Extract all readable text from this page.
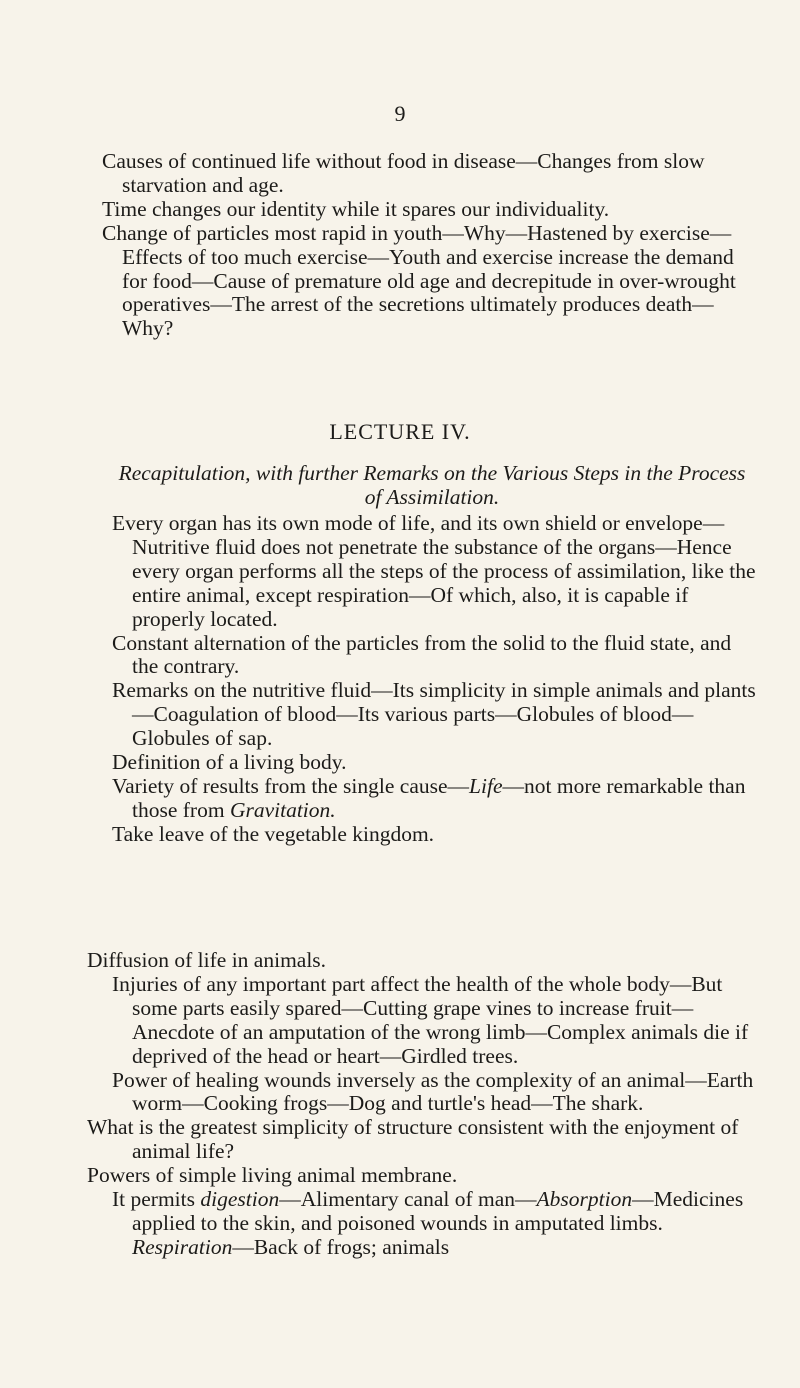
9

Causes of continued life without food in disease—Changes from slow starvation and age.

Time changes our identity while it spares our individuality.

Change of particles most rapid in youth—Why—Hastened by exercise—Effects of too much exercise—Youth and exercise increase the demand for food—Cause of premature old age and decrepitude in over-wrought operatives—The arrest of the secretions ultimately produces death—Why?

LECTURE IV.
Recapitulation, with further Remarks on the Various Steps in the Process of Assimilation.

Every organ has its own mode of life, and its own shield or envelope—Nutritive fluid does not penetrate the substance of the organs—Hence every organ performs all the steps of the process of assimilation, like the entire animal, except respiration—Of which, also, it is capable if properly located.

Constant alternation of the particles from the solid to the fluid state, and the contrary.

Remarks on the nutritive fluid—Its simplicity in simple animals and plants—Coagulation of blood—Its various parts—Globules of blood—Globules of sap.

Definition of a living body.

Variety of results from the single cause—Life—not more remarkable than those from Gravitation.

Take leave of the vegetable kingdom.

Diffusion of life in animals.

Injuries of any important part affect the health of the whole body—But some parts easily spared—Cutting grape vines to increase fruit—Anecdote of an amputation of the wrong limb—Complex animals die if deprived of the head or heart—Girdled trees.

Power of healing wounds inversely as the complexity of an animal—Earth worm—Cooking frogs—Dog and turtle's head—The shark.

What is the greatest simplicity of structure consistent with the enjoyment of animal life?

Powers of simple living animal membrane.

It permits digestion—Alimentary canal of man—Absorption—Medicines applied to the skin, and poisoned wounds in amputated limbs. Respiration—Back of frogs; animals
